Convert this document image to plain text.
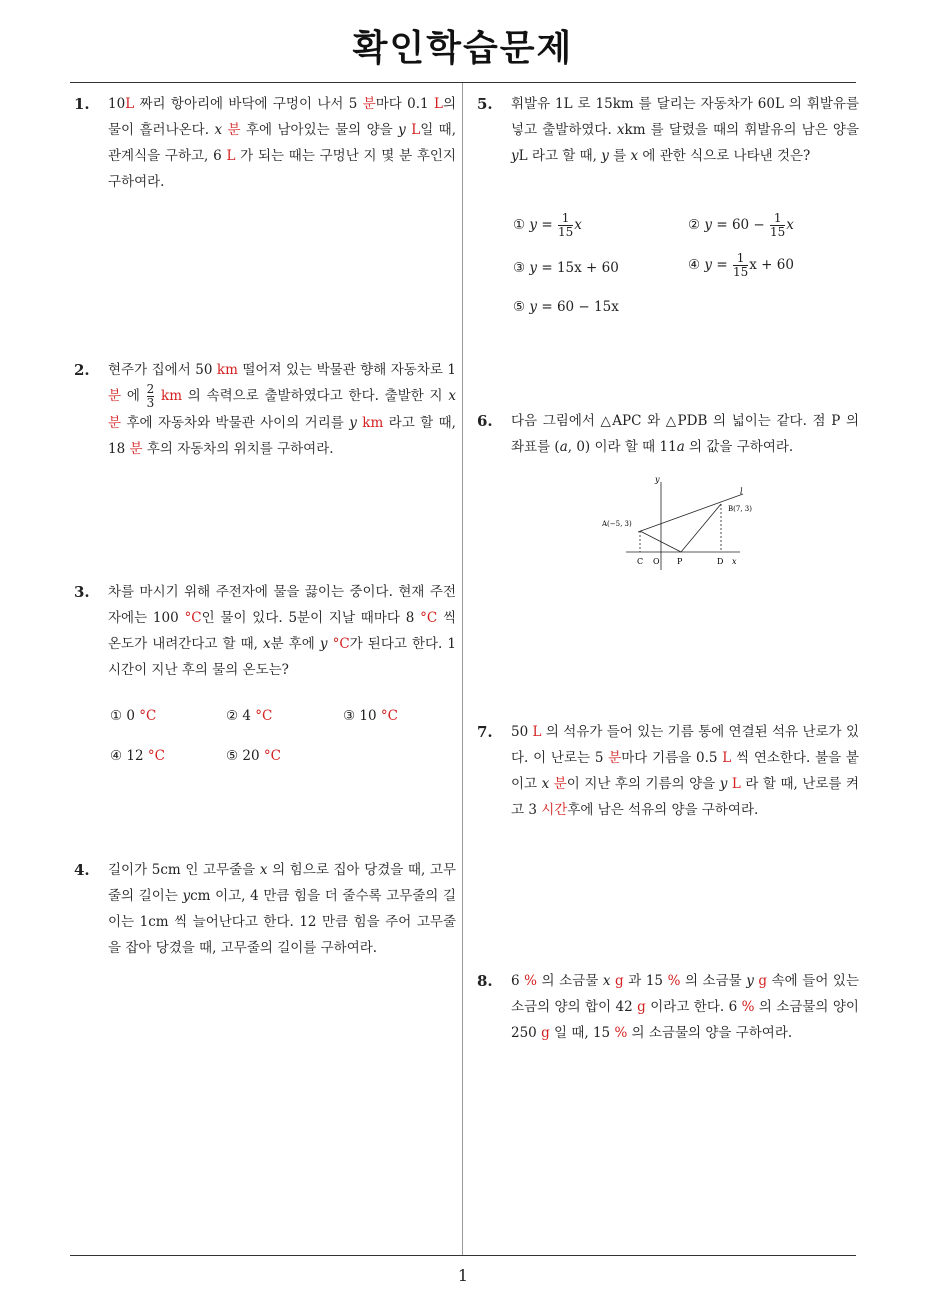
확인학습문제
1. 10L 짜리 항아리에 바닥에 구멍이 나서 5 분마다 0.1 L의 물이 흘러나온다. x 분 후에 남아있는 물의 양을 y L일 때, 관계식을 구하고, 6 L 가 되는 때는 구멍난 지 몇 분 후인지 구하여라.
2. 현주가 집에서 50 km 떨어져 있는 박물관 향해 자동차로 1 분 에 $\frac{2}{3}$ km 의 속력으로 출발하였다고 한다. 출발한 지 x 분 후에 자동차와 박물관 사이의 거리를 y km 라고 할 때, 18 분 후의 자동차의 위치를 구하여라.
3. 차를 마시기 위해 주전자에 물을 끓이는 중이다. 현재 주전자에는 100 °C인 물이 있다. 5분이 지날 때마다 8 °C 씩 온도가 내려간다고 할 때, x분 후에 y °C가 된다고 한다. 1 시간이 지난 후의 물의 온도는?
① 0 °C	② 4 °C	③ 10 °C
④ 12 °C	⑤ 20 °C
4. 길이가 5cm 인 고무줄을 x 의 힘으로 집아 당겼을 때, 고무줄의 길이는 ycm 이고, 4 만큼 힘을 더 줄수록 고무줄의 길이는 1cm 씩 늘어난다고 한다. 12 만큼 힘을 주어 고무줄을 잡아 당겼을 때, 고무줄의 길이를 구하여라.
5. 휘발유 1L 로 15km 를 달리는 자동차가 60L 의 휘발유를 넣고 출발하였다. xkm 를 달렸을 때의 휘발유의 남은 양을 yL 라고 할 때, y 를 x 에 관한 식으로 나타낸 것은?
① $y = \frac{1}{15}$ x	② $y = 60 - \frac{1}{15}$ x
③ y = 15x + 60	④ $y = \frac{1}{15}$ x + 60
⑤ y = 60 − 15x
6. 다음 그림에서 △APC 와 △PDB 의 넓이는 같다. 점 P 의 좌표를 (a, 0) 이라 할 때 11a 의 값을 구하여라.
y
l
A(−5, 3)
B(7, 3)
C O P	D x
7. 50 L 의 석유가 들어 있는 기름 통에 연결된 석유 난로가 있다. 이 난로는 5 분마다 기름을 0.5 L 씩 연소한다. 불을 붙이고 x 분이 지난 후의 기름의 양을 y L 라 할 때, 난로를 켜고 3 시간후에 남은 석유의 양을 구하여라.
8. 6 % 의 소금물 x g 과 15 % 의 소금물 y g 속에 들어 있는 소금의 양의 합이 42 g 이라고 한다. 6 % 의 소금물의 양이 250 g 일 때, 15 % 의 소금물의 양을 구하여라.
1
